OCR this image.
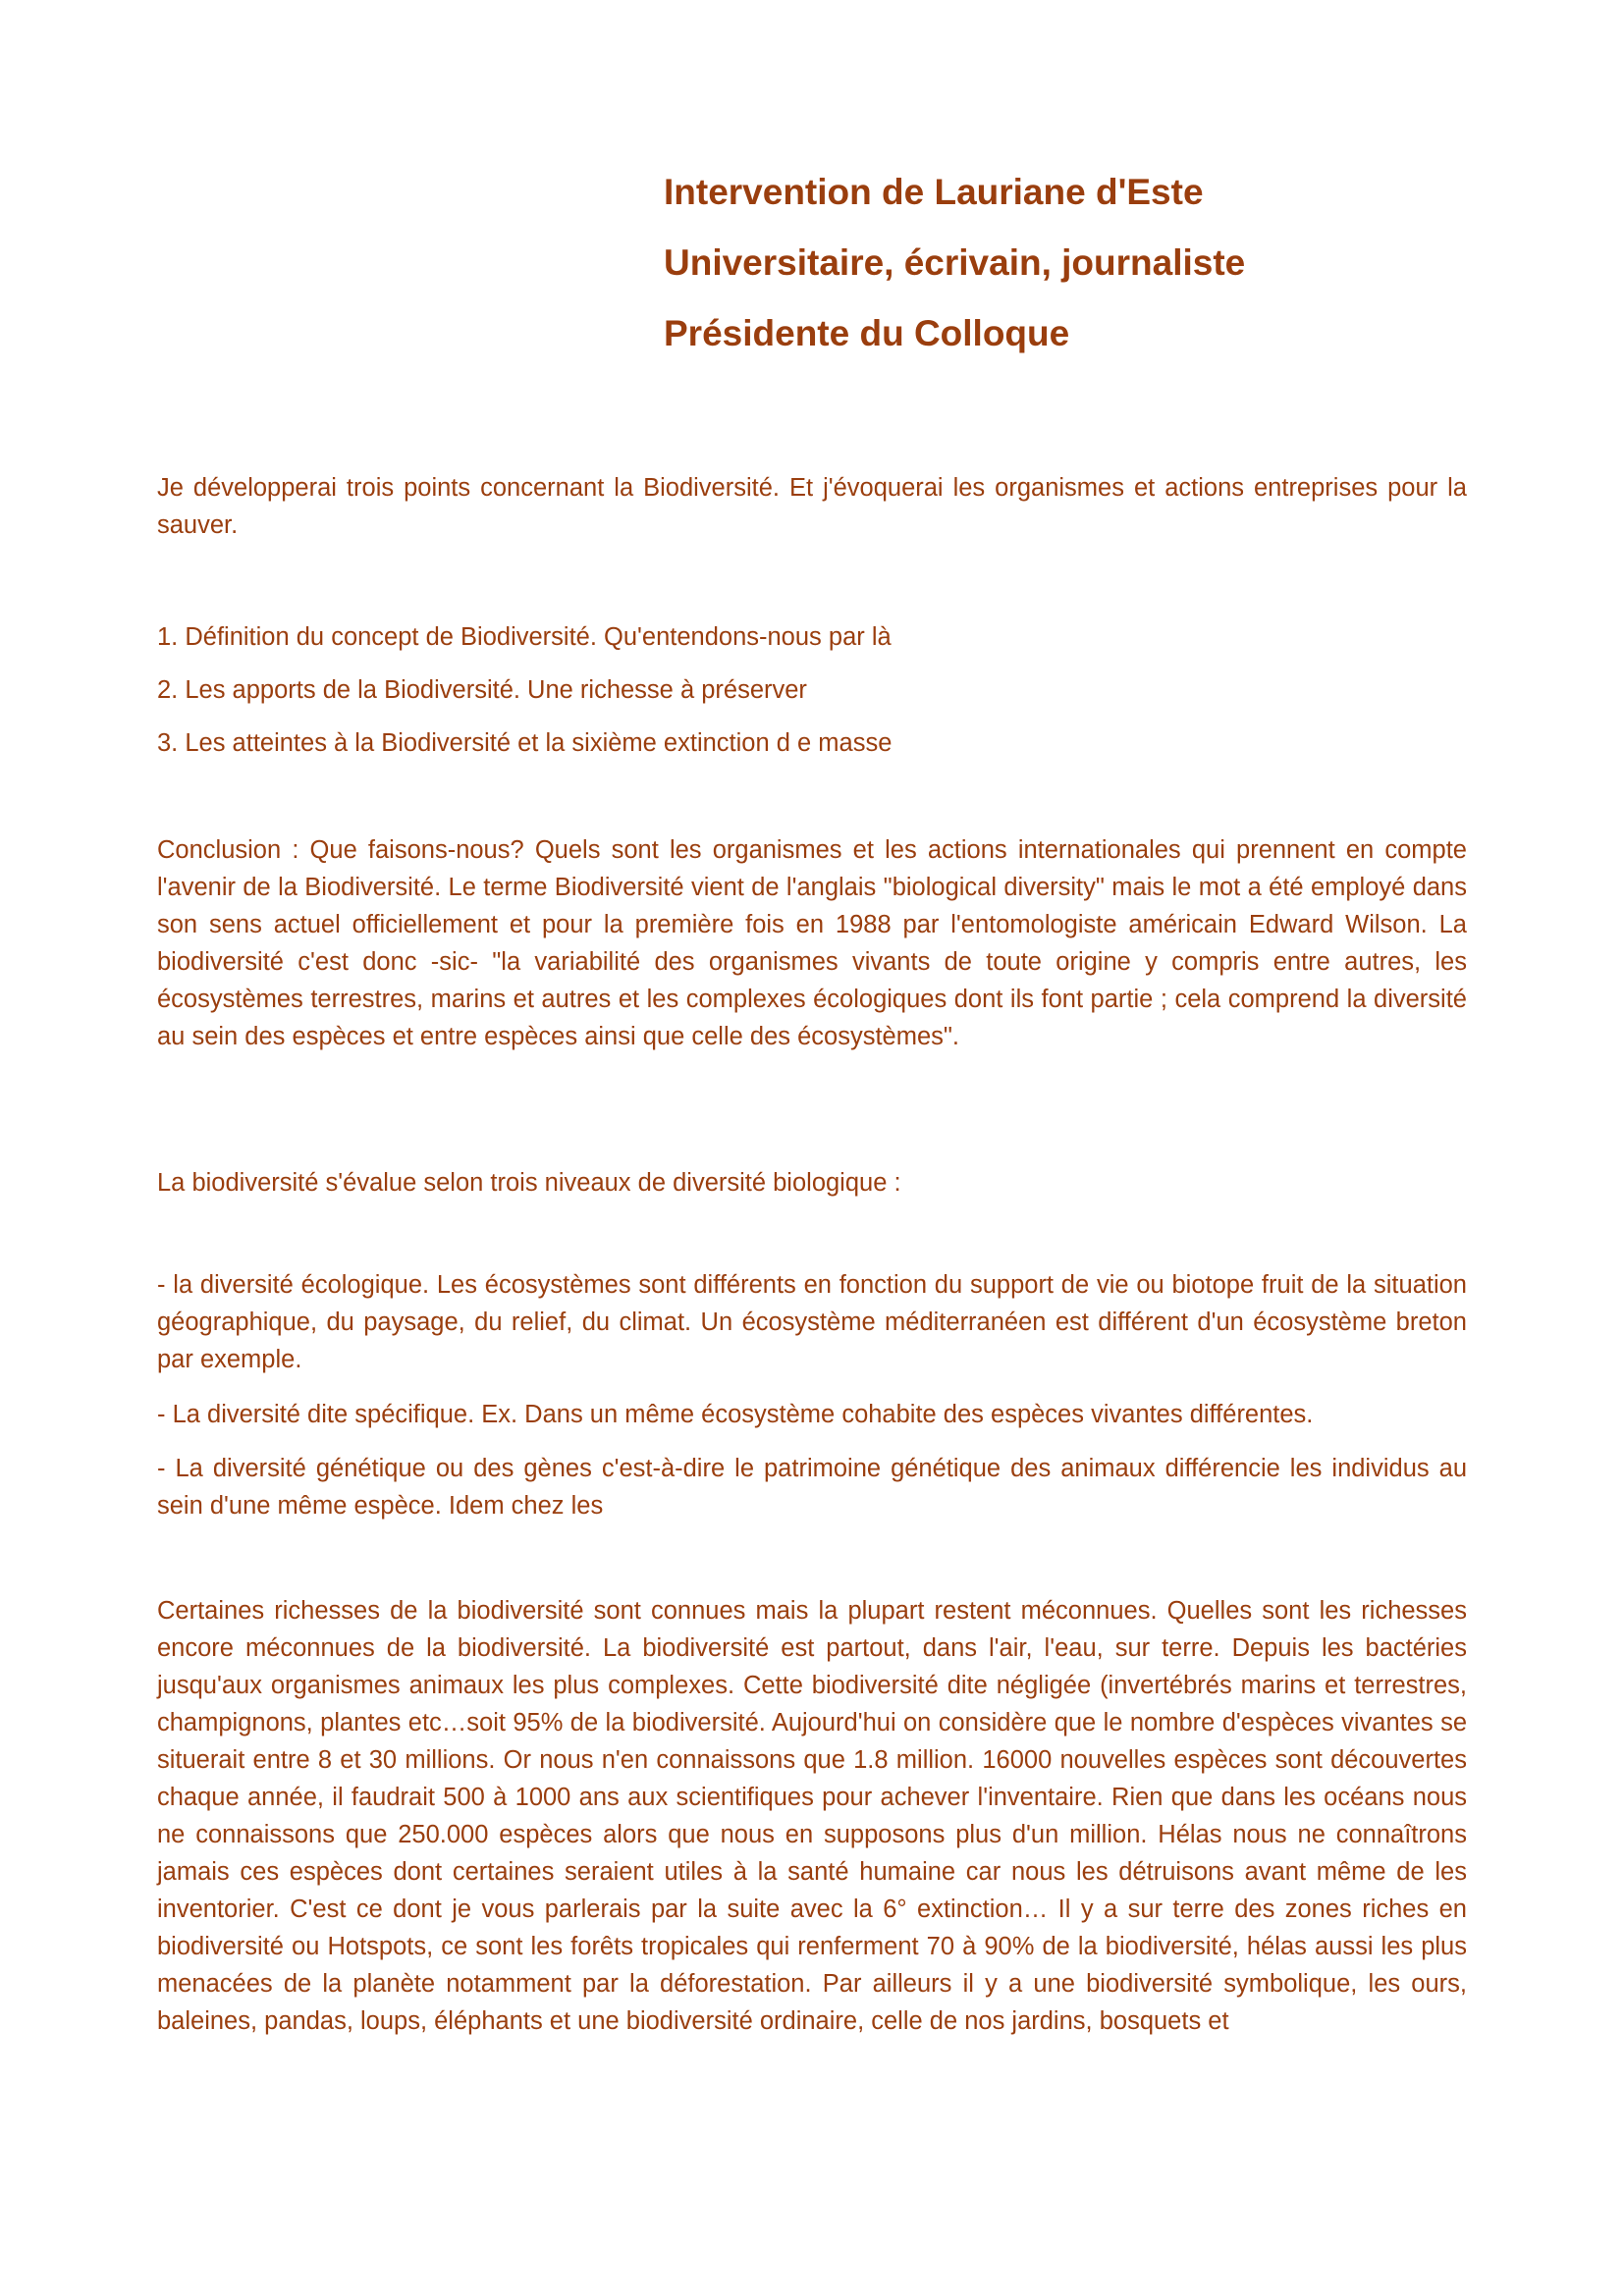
Intervention de Lauriane d'Este
Universitaire, écrivain, journaliste
Présidente du Colloque

Je développerai trois points concernant la Biodiversité. Et j'évoquerai les organismes et actions entreprises pour la sauver.

1. Définition du concept de Biodiversité. Qu'entendons-nous par là

2. Les apports de la Biodiversité. Une richesse à préserver

3. Les atteintes à la Biodiversité et la sixième extinction d e masse

Conclusion : Que faisons-nous? Quels sont les organismes et les actions internationales qui prennent en compte l'avenir de la Biodiversité. Le terme Biodiversité vient de l'anglais "biological diversity" mais le mot a été employé dans son sens actuel officiellement et pour la première fois en 1988 par l'entomologiste américain Edward Wilson. La biodiversité c'est donc -sic- "la variabilité des organismes vivants de toute origine y compris entre autres, les écosystèmes terrestres, marins et autres et les complexes écologiques dont ils font partie ; cela comprend la diversité au sein des espèces et entre espèces ainsi que celle des écosystèmes".

La biodiversité s'évalue selon trois niveaux de diversité biologique :

- la diversité écologique. Les écosystèmes sont différents en fonction du support de vie ou biotope fruit de la situation géographique, du paysage, du relief, du climat. Un écosystème méditerranéen est différent d'un écosystème breton par exemple.

- La diversité dite spécifique. Ex. Dans un même écosystème cohabite des espèces vivantes différentes.

- La diversité génétique ou des gènes c'est-à-dire le patrimoine génétique des animaux différencie les individus au sein d'une même espèce. Idem chez les

Certaines richesses de la biodiversité sont connues mais la plupart restent méconnues. Quelles sont les richesses encore méconnues de la biodiversité. La biodiversité est partout, dans l'air, l'eau, sur terre. Depuis les bactéries jusqu'aux organismes animaux les plus complexes. Cette biodiversité dite négligée (invertébrés marins et terrestres, champignons, plantes etc…soit 95% de la biodiversité. Aujourd'hui on considère que le nombre d'espèces vivantes se situerait entre 8 et 30 millions. Or nous n'en connaissons que 1.8 million. 16000 nouvelles espèces sont découvertes chaque année, il faudrait 500 à 1000 ans aux scientifiques pour achever l'inventaire. Rien que dans les océans nous ne connaissons que 250.000 espèces alors que nous en supposons plus d'un million. Hélas nous ne connaîtrons jamais ces espèces dont certaines seraient utiles à la santé humaine car nous les détruisons avant même de les inventorier. C'est ce dont je vous parlerais par la suite avec la 6° extinction… Il y a sur terre des zones riches en biodiversité ou Hotspots, ce sont les forêts tropicales qui renferment 70 à 90% de la biodiversité, hélas aussi les plus menacées de la planète notamment par la déforestation. Par ailleurs il y a une biodiversité symbolique, les ours, baleines, pandas, loups, éléphants et une biodiversité ordinaire, celle de nos jardins, bosquets et
